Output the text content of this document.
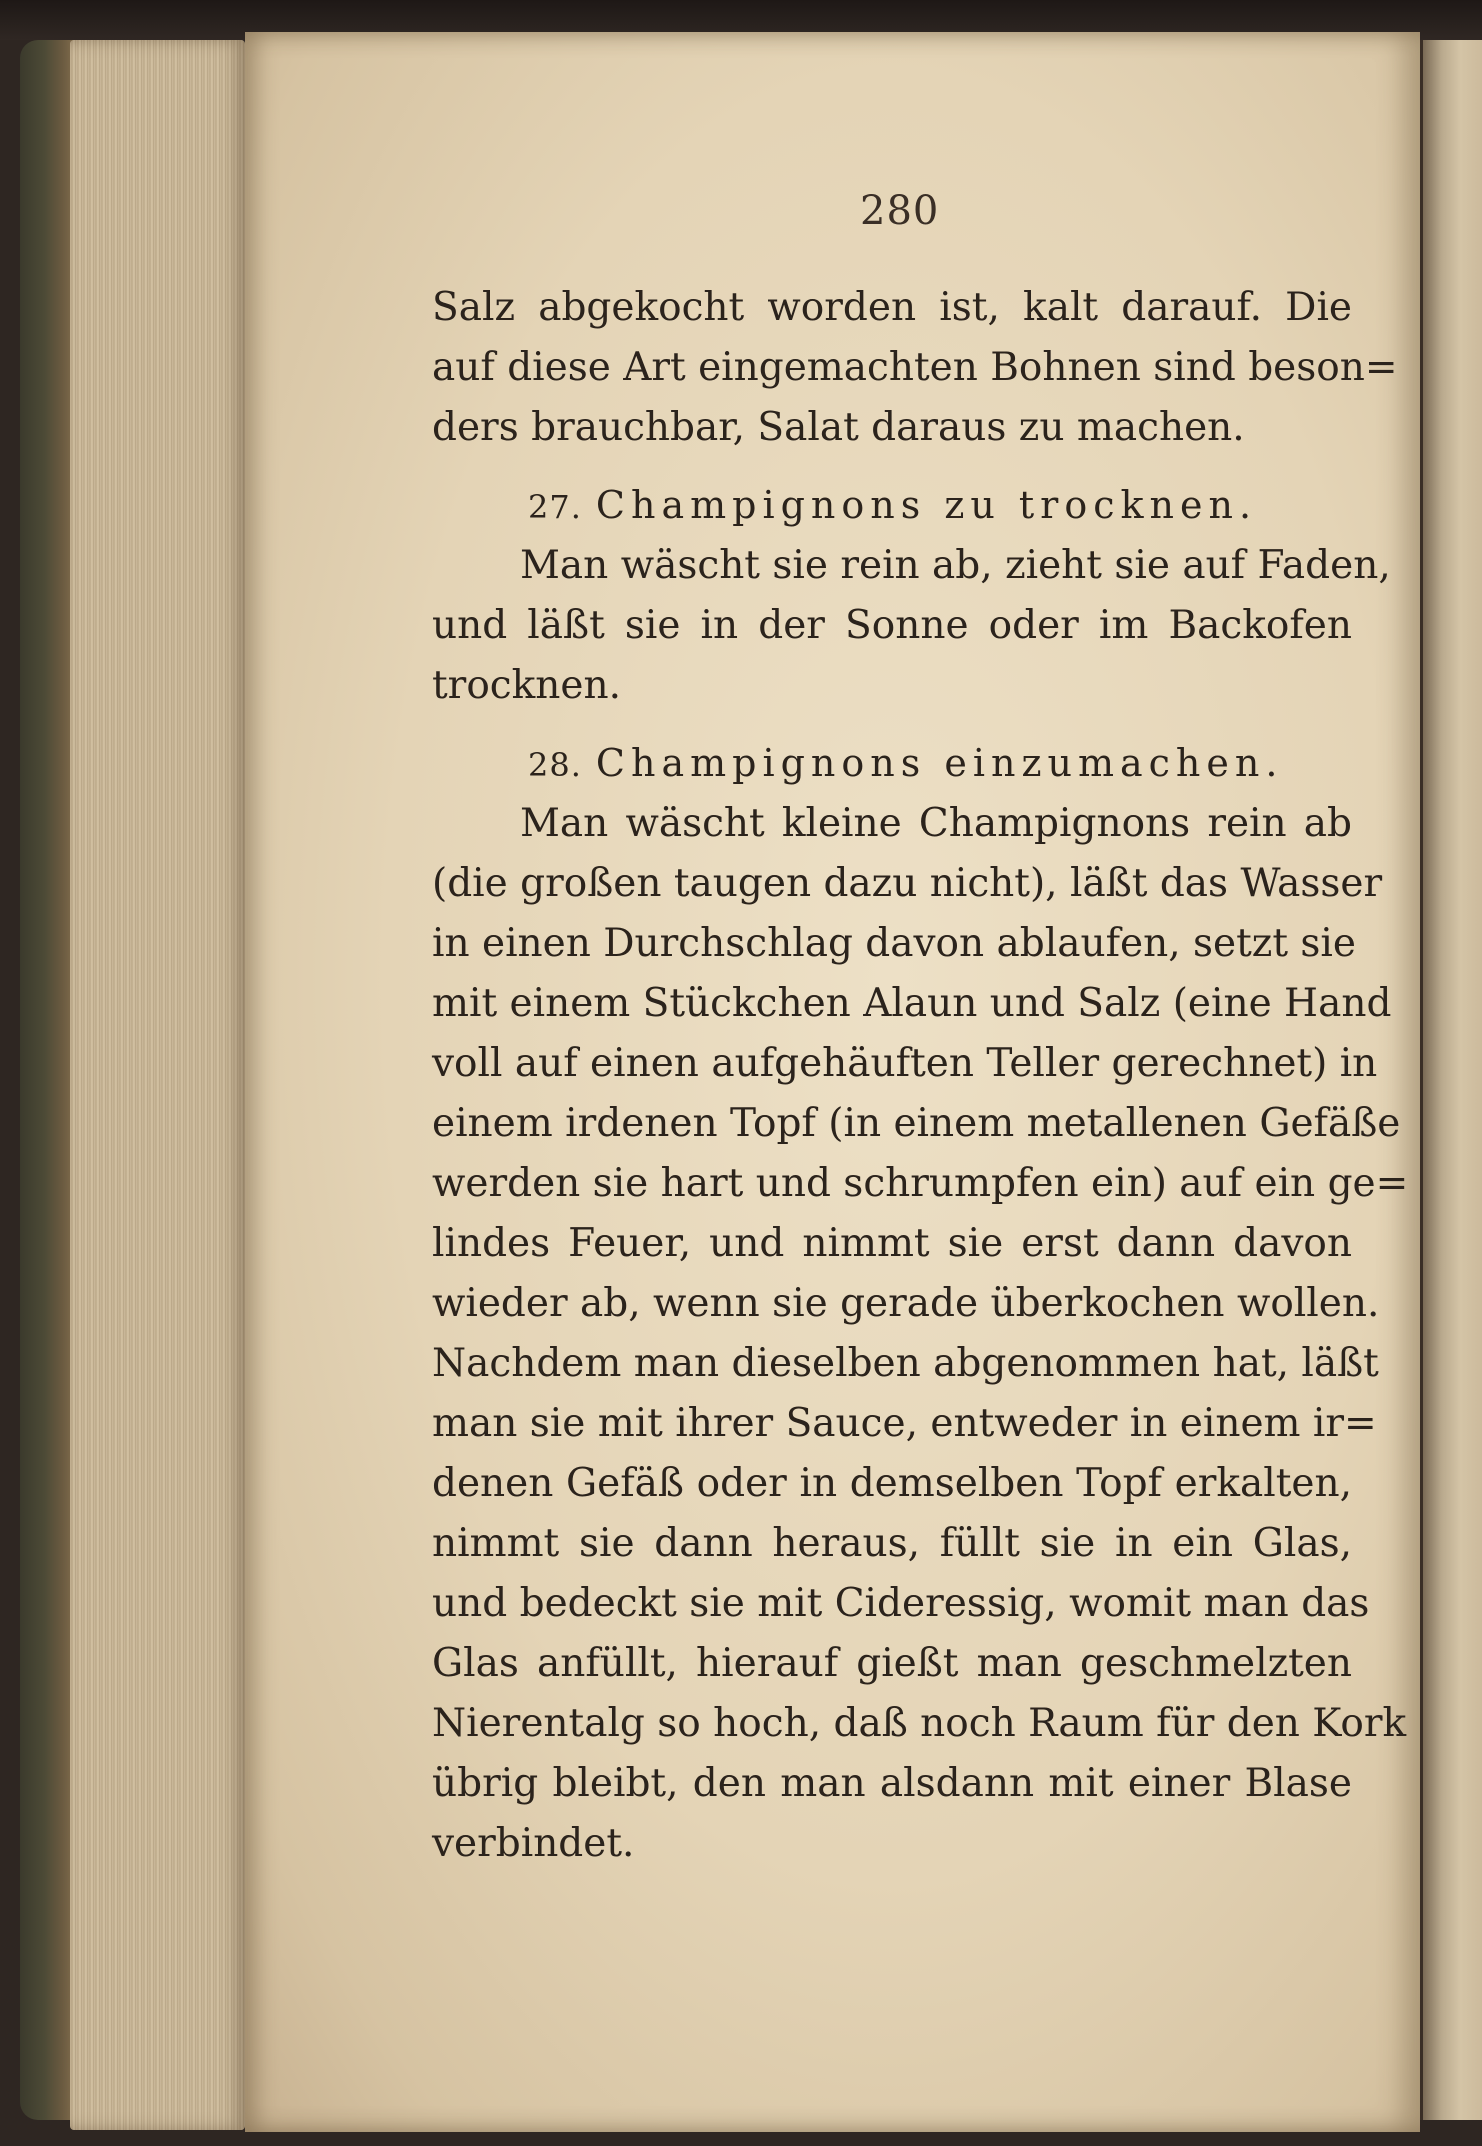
280
Salz abgekocht worden ist, kalt darauf. Die
auf diese Art eingemachten Bohnen sind beson=
ders brauchbar, Salat daraus zu machen.
27. Champignons zu trocknen.
Man wäscht sie rein ab, zieht sie auf Faden,
und läßt sie in der Sonne oder im Backofen
trocknen.
28. Champignons einzumachen.
Man wäscht kleine Champignons rein ab
(die großen taugen dazu nicht), läßt das Wasser
in einen Durchschlag davon ablaufen, setzt sie
mit einem Stückchen Alaun und Salz (eine Hand
voll auf einen aufgehäuften Teller gerechnet) in
einem irdenen Topf (in einem metallenen Gefäße
werden sie hart und schrumpfen ein) auf ein ge=
lindes Feuer, und nimmt sie erst dann davon
wieder ab, wenn sie gerade überkochen wollen.
Nachdem man dieselben abgenommen hat, läßt
man sie mit ihrer Sauce, entweder in einem ir=
denen Gefäß oder in demselben Topf erkalten,
nimmt sie dann heraus, füllt sie in ein Glas,
und bedeckt sie mit Cideressig, womit man das
Glas anfüllt, hierauf gießt man geschmelzten
Nierentalg so hoch, daß noch Raum für den Kork
übrig bleibt, den man alsdann mit einer Blase
verbindet.
